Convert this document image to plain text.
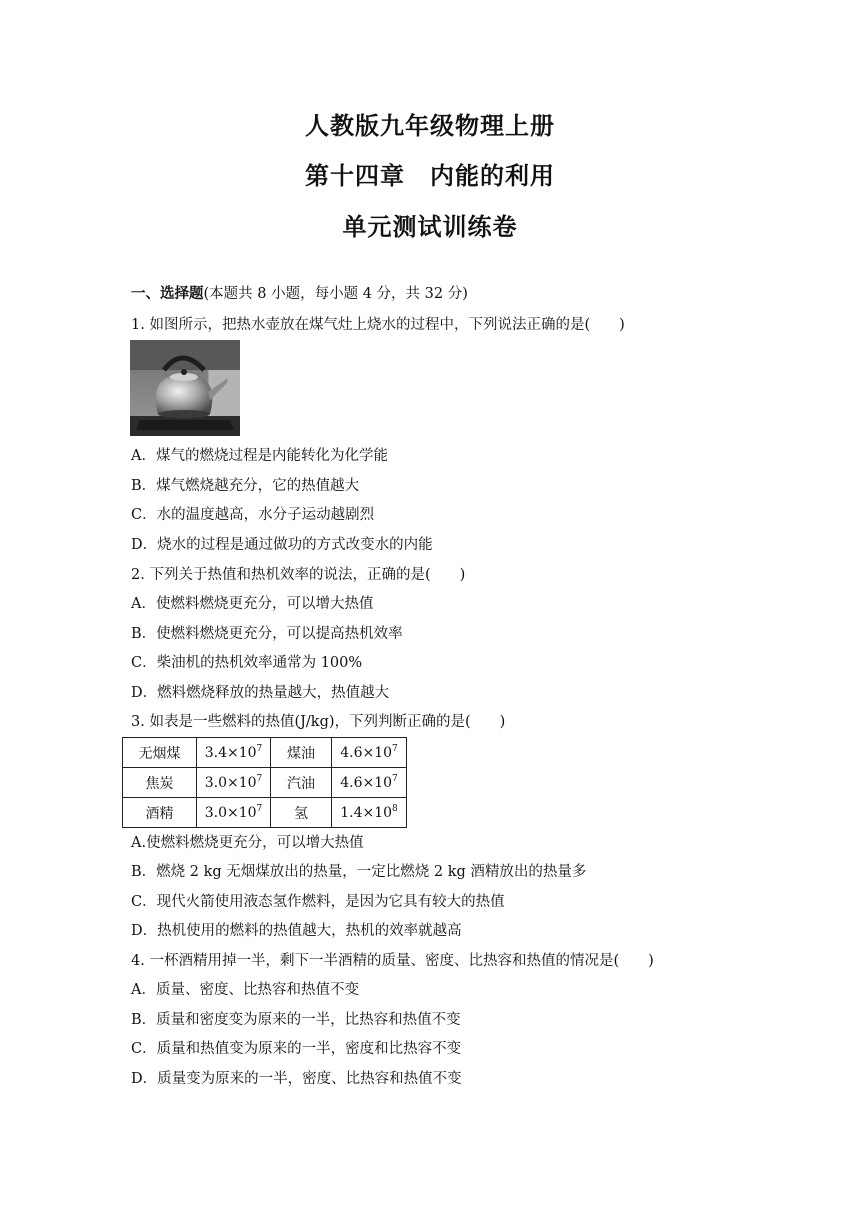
人教版九年级物理上册
第十四章　内能的利用
单元测试训练卷
一、选择题(本题共 8 小题，每小题 4 分，共 32 分)
1. 如图所示，把热水壶放在煤气灶上烧水的过程中，下列说法正确的是(　　)
A．煤气的燃烧过程是内能转化为化学能
B．煤气燃烧越充分，它的热值越大
C．水的温度越高，水分子运动越剧烈
D．烧水的过程是通过做功的方式改变水的内能
2. 下列关于热值和热机效率的说法，正确的是(　　)
A．使燃料燃烧更充分，可以增大热值
B．使燃料燃烧更充分，可以提高热机效率
C．柴油机的热机效率通常为 100%
D．燃料燃烧释放的热量越大，热值越大
3. 如表是一些燃料的热值(J/kg)，下列判断正确的是(　　)
无烟煤	$3.4\times 10^7$	煤油	$4.6\times 10^7$
焦炭	$3.0\times 10^7$	汽油	$4.6\times 10^7$
酒精	$3.0\times 10^7$	氢	$1.4\times 10^8$
A.使燃料燃烧更充分，可以增大热值
B．燃烧 2 kg 无烟煤放出的热量，一定比燃烧 2 kg 酒精放出的热量多
C．现代火箭使用液态氢作燃料，是因为它具有较大的热值
D．热机使用的燃料的热值越大，热机的效率就越高
4. 一杯酒精用掉一半，剩下一半酒精的质量、密度、比热容和热值的情况是(　　)
A．质量、密度、比热容和热值不变
B．质量和密度变为原来的一半，比热容和热值不变
C．质量和热值变为原来的一半，密度和比热容不变
D．质量变为原来的一半，密度、比热容和热值不变
